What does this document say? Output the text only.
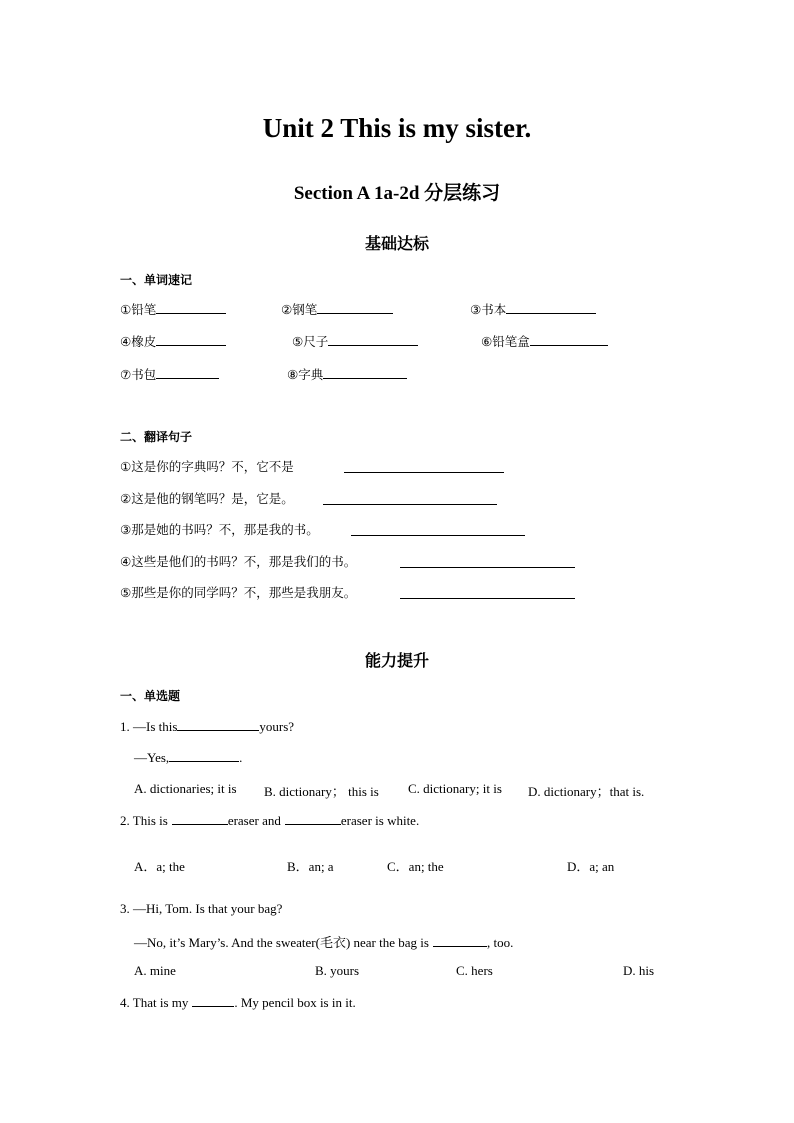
Unit 2 This is my sister.
Section A 1a-2d 分层练习
基础达标
一、单词速记
①铅笔	②钢笔	③书本
④橡皮	⑤尺子	⑥铅笔盒
⑦书包	⑧字典
二、翻译句子
①这是你的字典吗？不，它不是
②这是他的钢笔吗？是，它是。
③那是她的书吗？不，那是我的书。
④这些是他们的书吗？不，那是我们的书。
⑤那些是你的同学吗？不，那些是我朋友。
能力提升
一、单选题
1. —Is this	yours?
—Yes,	.
A. dictionaries; it is B. dictionary； this is C. dictionary; it is D. dictionary；that is.
2. This is	eraser and	eraser is white.
A．a; the	B．an; a	C．an; the	D．a; an
3. —Hi, Tom. Is that your bag?
—No, it’s Mary’s. And the sweater(毛衣) near the bag is	, too.
A. mine	B. yours	C. hers	D. his
4. That is my	. My pencil box is in it.
